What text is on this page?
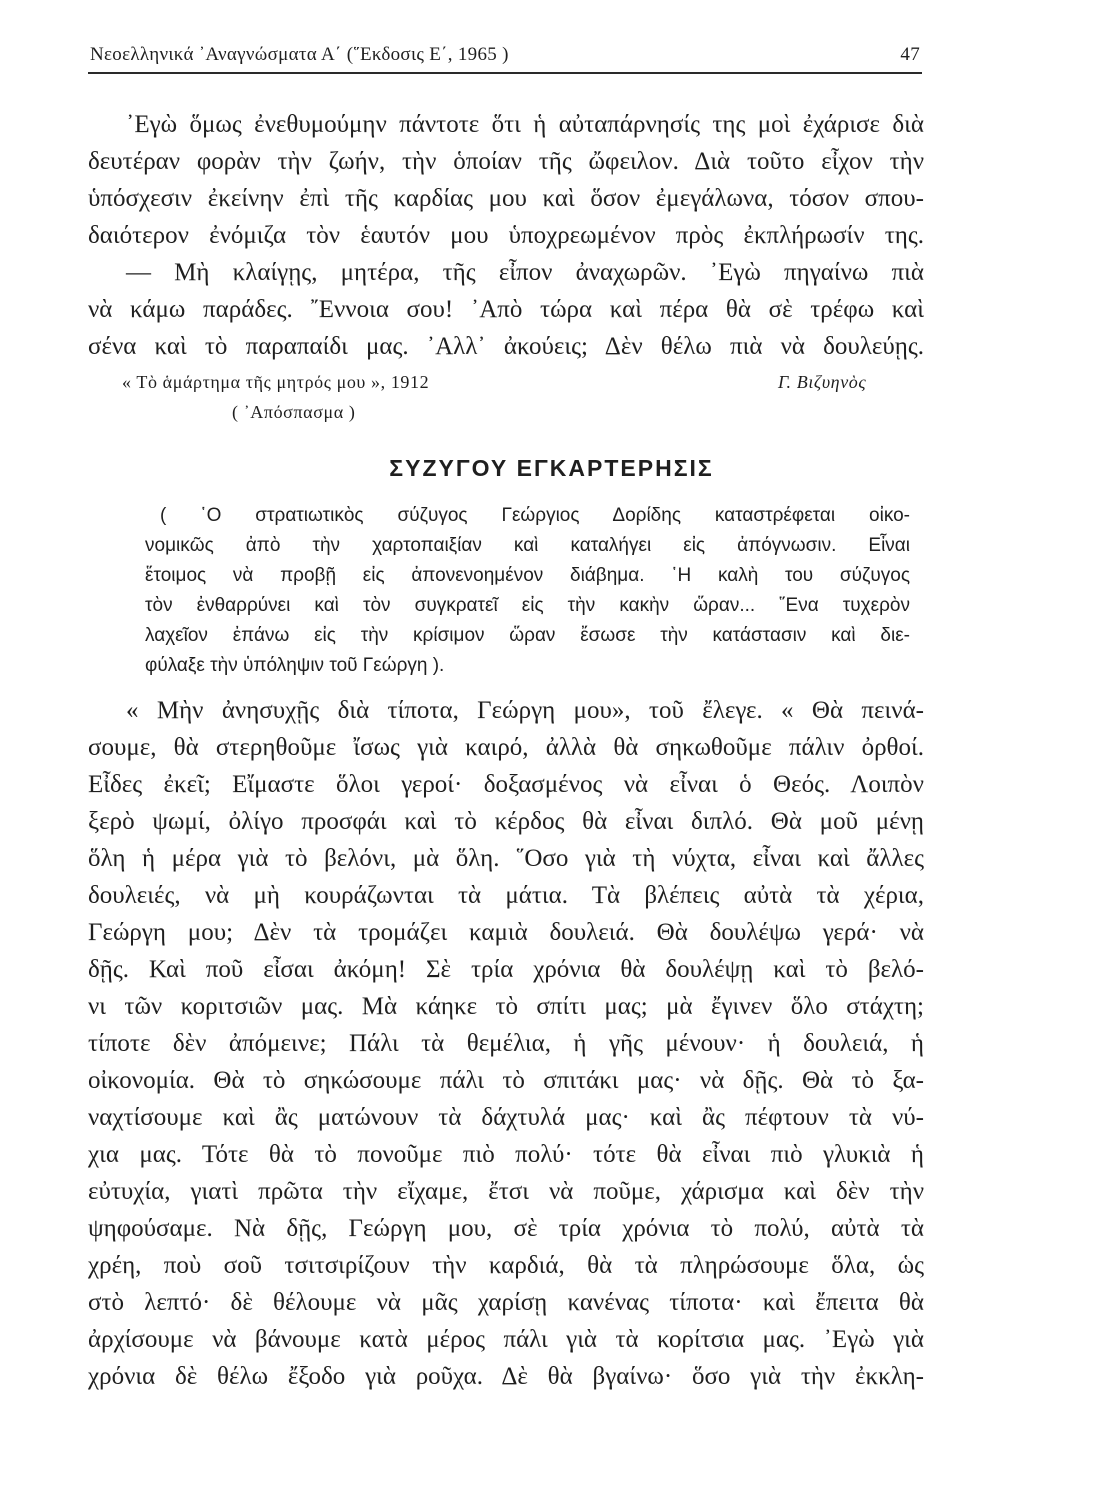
Νεοελληνικά ᾿Αναγνώσματα Α΄ (῞Εκδοσις Ε΄, 1965 )	47
᾿Εγὼ ὅμως ἐνεθυμούμην πάντοτε ὅτι ἡ αὐταπάρνησίς της μοὶ ἐχάρισε διὰ
δευτέραν φορὰν τὴν ζωήν, τὴν ὁποίαν τῆς ὤφειλον. Διὰ τοῦτο εἶχον τὴν
ὑπόσχεσιν ἐκείνην ἐπὶ τῆς καρδίας μου καὶ ὅσον ἐμεγάλωνα, τόσον σπου-
δαιότερον ἐνόμιζα τὸν ἑαυτόν μου ὑποχρεωμένον πρὸς ἐκπλήρωσίν της.
— Μὴ κλαίγῃς, μητέρα, τῆς εἶπον ἀναχωρῶν. ᾿Εγὼ πηγαίνω πιὰ
νὰ κάμω παράδες. ῎Εννοια σου! ᾿Απὸ τώρα καὶ πέρα θὰ σὲ τρέφω καὶ
σένα καὶ τὸ παραπαίδι μας. ᾿Αλλ᾿ ἀκούεις; Δὲν θέλω πιὰ νὰ δουλεύῃς.
« Τὸ ἁμάρτημα τῆς μητρός μου », 1912	Γ. Βιζυηνὸς
( ᾿Απόσπασμα )
ΣΥΖΥΓΟΥ ΕΓΚΑΡΤΕΡΗΣΙΣ
( ῾Ο στρατιωτικὸς σύζυγος Γεώργιος Δορίδης καταστρέφεται οἰκο-
νομικῶς ἀπὸ τὴν χαρτοπαιξίαν καὶ καταλήγει εἰς ἀπόγνωσιν. Εἶναι
ἕτοιμος νὰ προβῇ εἰς ἀπονενοημένον διάβημα. ῾Η καλὴ του σύζυγος
τὸν ἐνθαρρύνει καὶ τὸν συγκρατεῖ εἰς τὴν κακὴν ὥραν... ῞Ενα τυχερὸν
λαχεῖον ἐπάνω εἰς τὴν κρίσιμον ὥραν ἔσωσε τὴν κατάστασιν καὶ διε-
φύλαξε τὴν ὑπόληψιν τοῦ Γεώργη ).
« Μὴν ἀνησυχῇς διὰ τίποτα, Γεώργη μου», τοῦ ἔλεγε. « Θὰ πεινά-
σουμε, θὰ στερηθοῦμε ἴσως γιὰ καιρό, ἀλλὰ θὰ σηκωθοῦμε πάλιν ὀρθοί.
Εἶδες ἐκεῖ; Εἴμαστε ὅλοι γεροί· δοξασμένος νὰ εἶναι ὁ Θεός. Λοιπὸν
ξερὸ ψωμί, ὀλίγο προσφάι καὶ τὸ κέρδος θὰ εἶναι διπλό. Θὰ μοῦ μένῃ
ὅλη ἡ μέρα γιὰ τὸ βελόνι, μὰ ὅλη. ῞Οσο γιὰ τὴ νύχτα, εἶναι καὶ ἄλλες
δουλειές, νὰ μὴ κουράζωνται τὰ μάτια. Τὰ βλέπεις αὐτὰ τὰ χέρια,
Γεώργη μου; Δὲν τὰ τρομάζει καμιὰ δουλειά. Θὰ δουλέψω γερά· νὰ
δῇς. Καὶ ποῦ εἶσαι ἀκόμη! Σὲ τρία χρόνια θὰ δουλέψῃ καὶ τὸ βελό-
νι τῶν κοριτσιῶν μας. Μὰ κάηκε τὸ σπίτι μας; μὰ ἔγινεν ὅλο στάχτη;
τίποτε δὲν ἀπόμεινε; Πάλι τὰ θεμέλια, ἡ γῆς μένουν· ἡ δουλειά, ἡ
οἰκονομία. Θὰ τὸ σηκώσουμε πάλι τὸ σπιτάκι μας· νὰ δῇς. Θὰ τὸ ξα-
ναχτίσουμε καὶ ἂς ματώνουν τὰ δάχτυλά μας· καὶ ἂς πέφτουν τὰ νύ-
χια μας. Τότε θὰ τὸ πονοῦμε πιὸ πολύ· τότε θὰ εἶναι πιὸ γλυκιὰ ἡ
εὐτυχία, γιατὶ πρῶτα τὴν εἴχαμε, ἔτσι νὰ ποῦμε, χάρισμα καὶ δὲν τὴν
ψηφούσαμε. Νὰ δῇς, Γεώργη μου, σὲ τρία χρόνια τὸ πολύ, αὐτὰ τὰ
χρέη, ποὺ σοῦ τσιτσιρίζουν τὴν καρδιά, θὰ τὰ πληρώσουμε ὅλα, ὡς
στὸ λεπτό· δὲ θέλουμε νὰ μᾶς χαρίσῃ κανένας τίποτα· καὶ ἔπειτα θὰ
ἀρχίσουμε νὰ βάνουμε κατὰ μέρος πάλι γιὰ τὰ κορίτσια μας. ᾿Εγὼ γιὰ
χρόνια δὲ θέλω ἔξοδο γιὰ ροῦχα. Δὲ θὰ βγαίνω· ὅσο γιὰ τὴν ἐκκλη-
